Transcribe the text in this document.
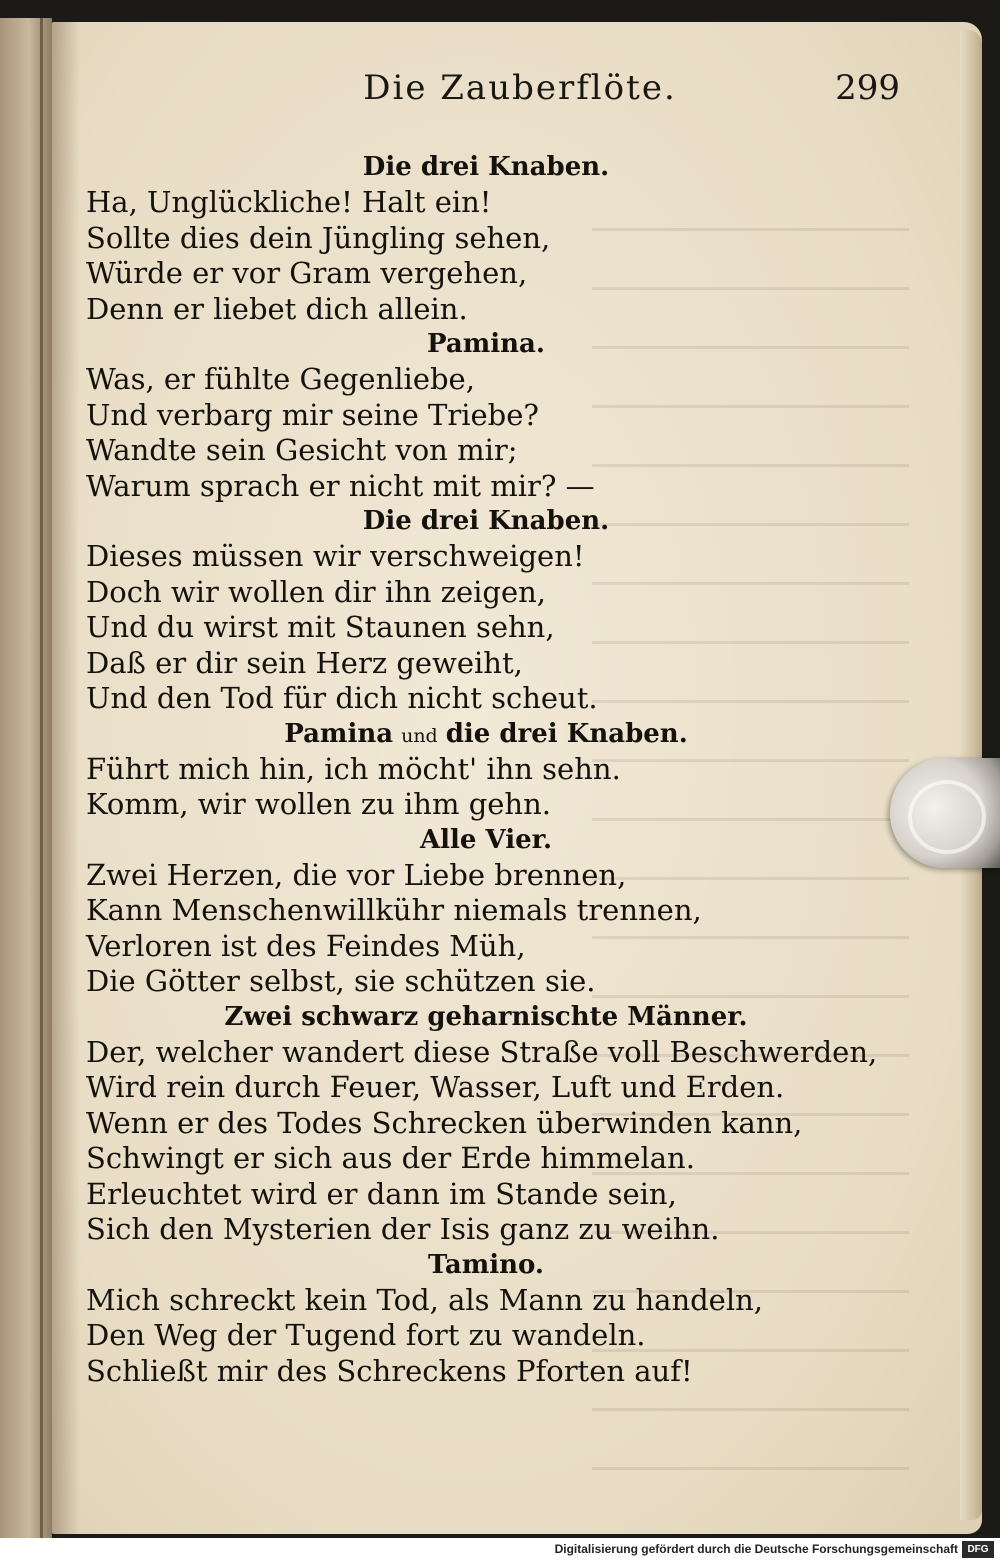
Die Zauberflöte.	299
Die drei Knaben.
Ha, Unglückliche! Halt ein!
Sollte dies dein Jüngling sehen,
Würde er vor Gram vergehen,
Denn er liebet dich allein.
Pamina.
Was, er fühlte Gegenliebe,
Und verbarg mir seine Triebe?
Wandte sein Gesicht von mir;
Warum sprach er nicht mit mir? —
Die drei Knaben.
Dieses müssen wir verschweigen!
Doch wir wollen dir ihn zeigen,
Und du wirst mit Staunen sehn,
Daß er dir sein Herz geweiht,
Und den Tod für dich nicht scheut.
Pamina und die drei Knaben.
Führt mich hin, ich möcht' ihn sehn.
Komm, wir wollen zu ihm gehn.
Alle Vier.
Zwei Herzen, die vor Liebe brennen,
Kann Menschenwillkühr niemals trennen,
Verloren ist des Feindes Müh,
Die Götter selbst, sie schützen sie.
Zwei schwarz geharnischte Männer.
Der, welcher wandert diese Straße voll Beschwerden,
Wird rein durch Feuer, Wasser, Luft und Erden.
Wenn er des Todes Schrecken überwinden kann,
Schwingt er sich aus der Erde himmelan.
Erleuchtet wird er dann im Stande sein,
Sich den Mysterien der Isis ganz zu weihn.
Tamino.
Mich schreckt kein Tod, als Mann zu handeln,
Den Weg der Tugend fort zu wandeln.
Schließt mir des Schreckens Pforten auf!
Digitalisierung gefördert durch die Deutsche Forschungsgemeinschaft DFG
